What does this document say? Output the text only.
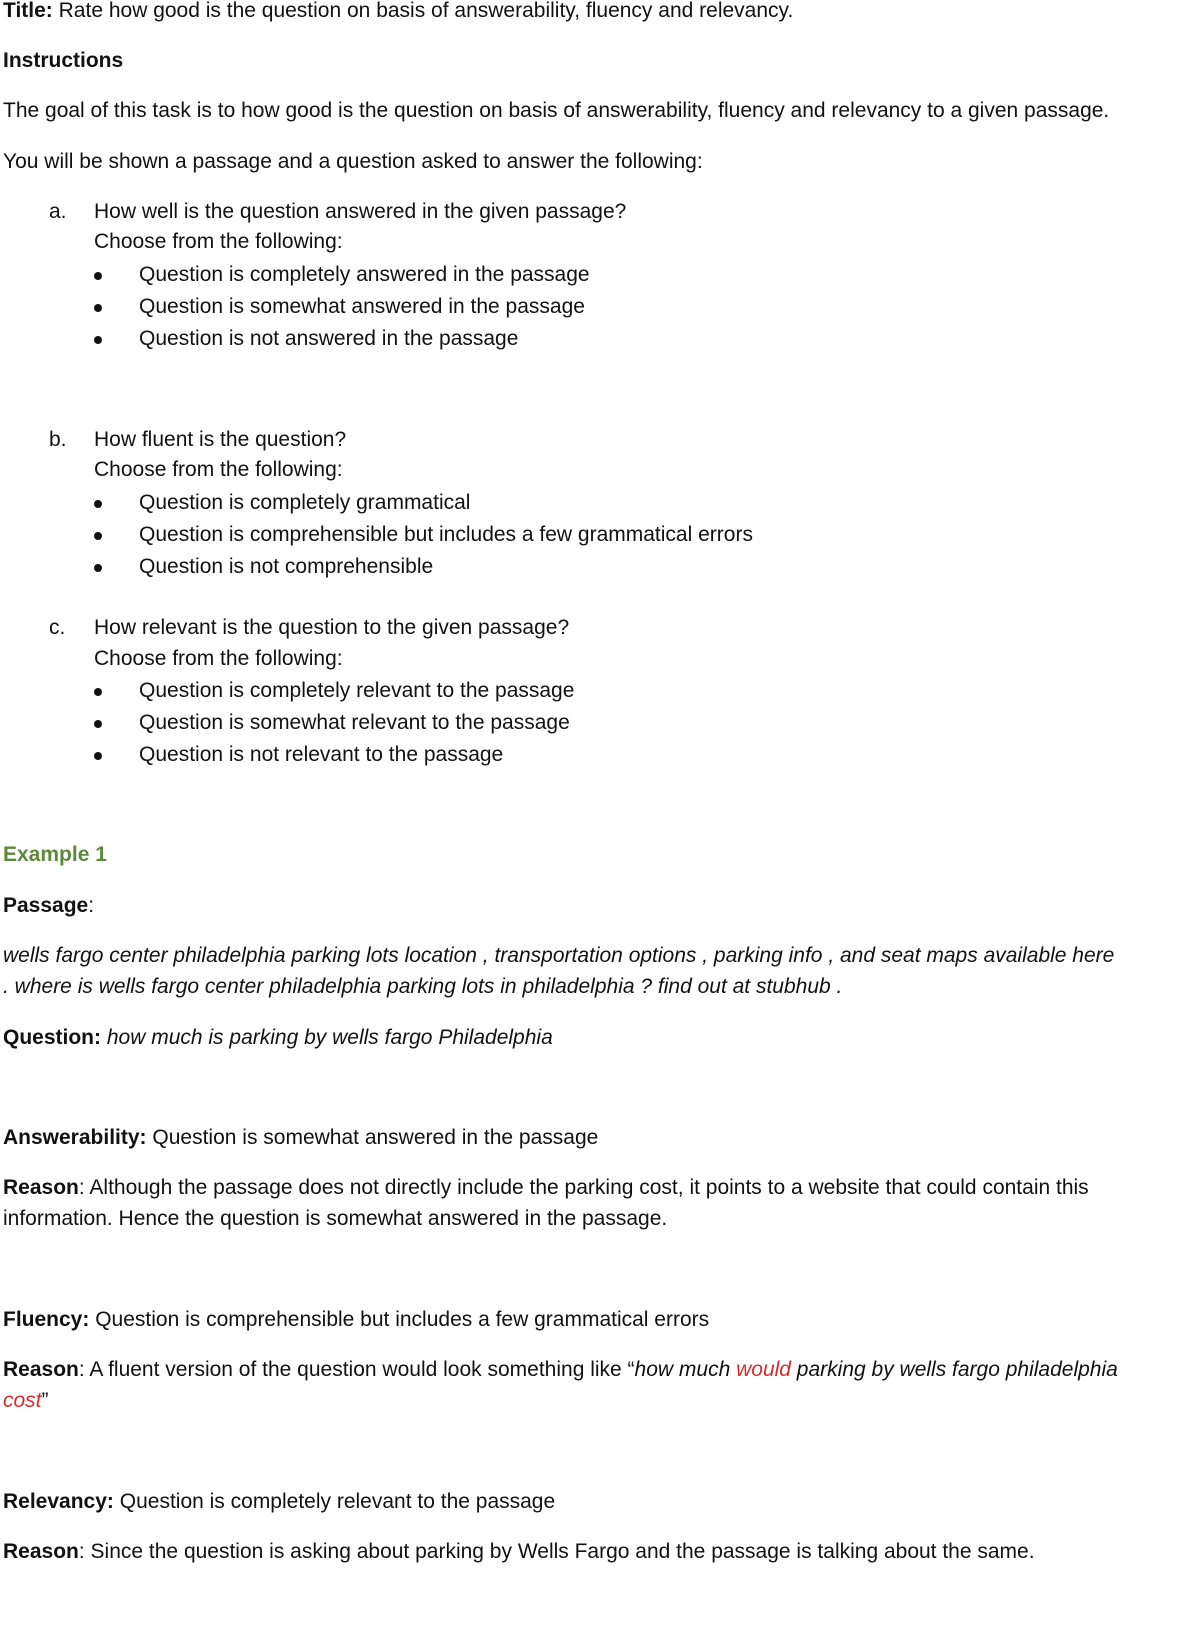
Title: Rate how good is the question on basis of answerability, fluency and relevancy.
Instructions
The goal of this task is to how good is the question on basis of answerability, fluency and relevancy to a given passage.
You will be shown a passage and a question asked to answer the following:
a. How well is the question answered in the given passage?
Choose from the following:
Question is completely answered in the passage
Question is somewhat answered in the passage
Question is not answered in the passage
b. How fluent is the question?
Choose from the following:
Question is completely grammatical
Question is comprehensible but includes a few grammatical errors
Question is not comprehensible
c. How relevant is the question to the given passage?
Choose from the following:
Question is completely relevant to the passage
Question is somewhat relevant to the passage
Question is not relevant to the passage
Example 1
Passage:
wells fargo center philadelphia parking lots location , transportation options , parking info , and seat maps available here
. where is wells fargo center philadelphia parking lots in philadelphia ? find out at stubhub .
Question: how much is parking by wells fargo Philadelphia
Answerability: Question is somewhat answered in the passage
Reason: Although the passage does not directly include the parking cost, it points to a website that could contain this
information. Hence the question is somewhat answered in the passage.
Fluency: Question is comprehensible but includes a few grammatical errors
Reason: A fluent version of the question would look something like “how much would parking by wells fargo philadelphia
cost”
Relevancy: Question is completely relevant to the passage
Reason: Since the question is asking about parking by Wells Fargo and the passage is talking about the same.
